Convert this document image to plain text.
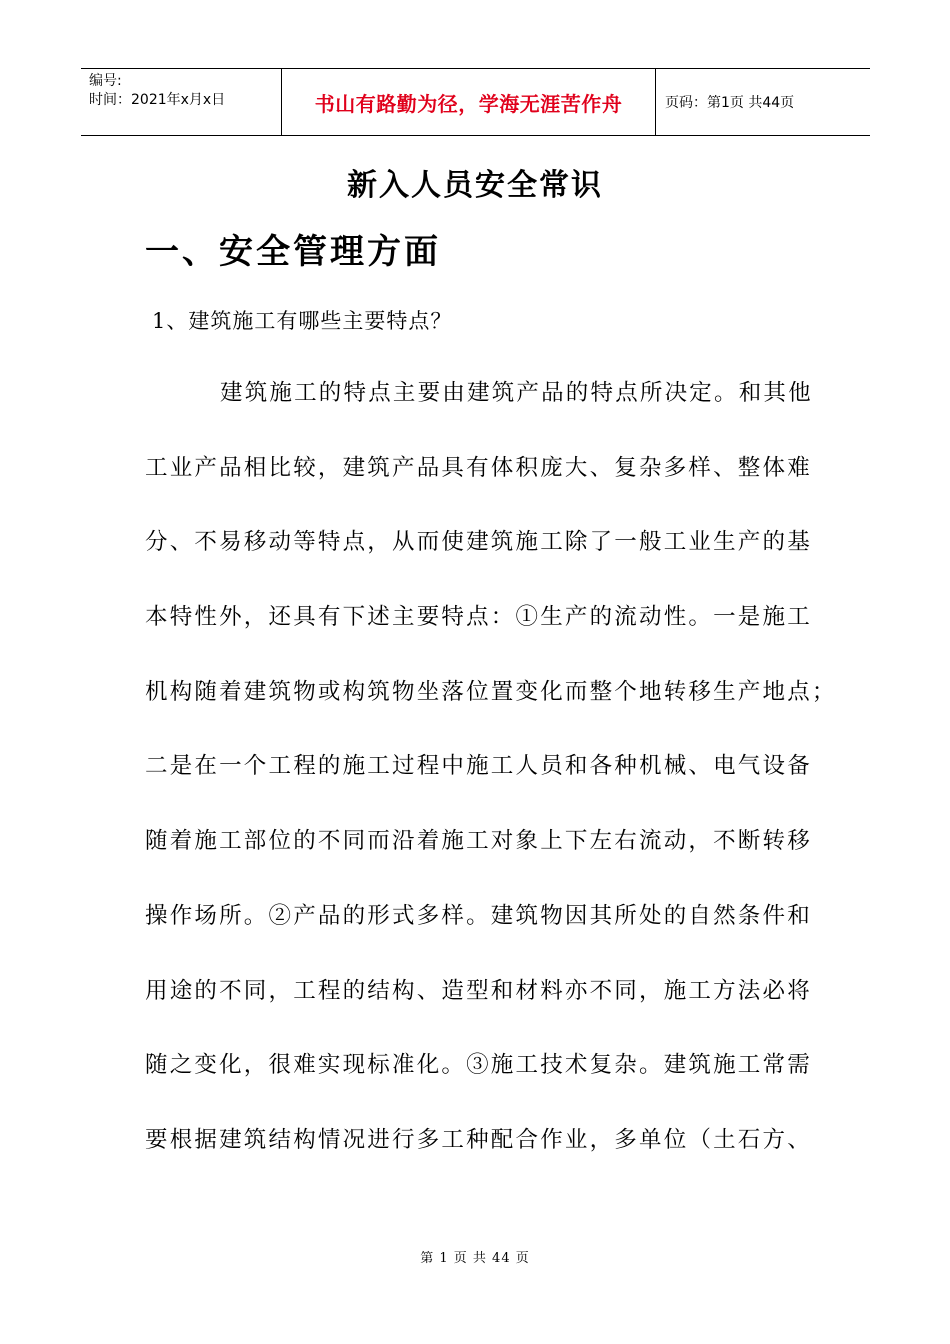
编号:
时间：2021年x月x日	书山有路勤为径，学海无涯苦作舟	页码：第1页 共44页
新入人员安全常识
一、安全管理方面
1、建筑施工有哪些主要特点？
建筑施工的特点主要由建筑产品的特点所决定。和其他
工业产品相比较，建筑产品具有体积庞大、复杂多样、整体难
分、不易移动等特点，从而使建筑施工除了一般工业生产的基
本特性外，还具有下述主要特点：①生产的流动性。一是施工
机构随着建筑物或构筑物坐落位置变化而整个地转移生产地点；
二是在一个工程的施工过程中施工人员和各种机械、电气设备
随着施工部位的不同而沿着施工对象上下左右流动，不断转移
操作场所。②产品的形式多样。建筑物因其所处的自然条件和
用途的不同，工程的结构、造型和材料亦不同，施工方法必将
随之变化，很难实现标准化。③施工技术复杂。建筑施工常需
要根据建筑结构情况进行多工种配合作业，多单位（土石方、
第 1 页 共 44 页
